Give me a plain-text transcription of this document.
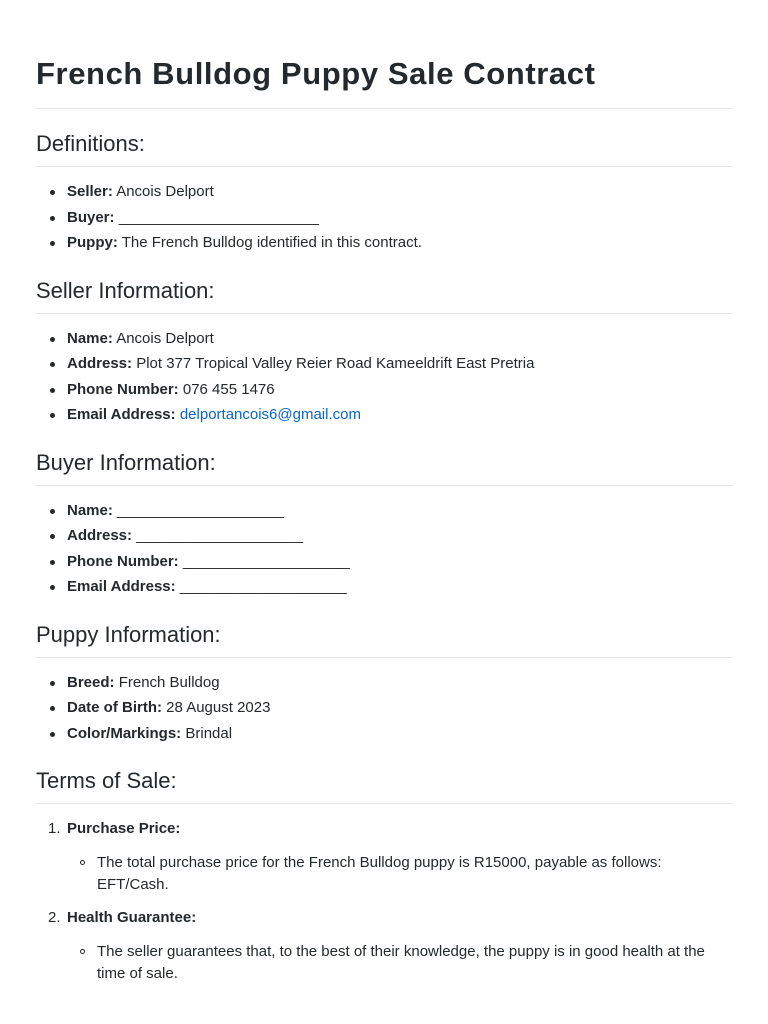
French Bulldog Puppy Sale Contract
Definitions:
Seller: Ancois Delport
Buyer: ________________________
Puppy: The French Bulldog identified in this contract.
Seller Information:
Name: Ancois Delport
Address: Plot 377 Tropical Valley Reier Road Kameeldrift East Pretria
Phone Number: 076 455 1476
Email Address: delportancois6@gmail.com
Buyer Information:
Name: ____________________
Address: ____________________
Phone Number: ____________________
Email Address: ____________________
Puppy Information:
Breed: French Bulldog
Date of Birth: 28 August 2023
Color/Markings: Brindal
Terms of Sale:
1. Purchase Price:
The total purchase price for the French Bulldog puppy is R15000, payable as follows: EFT/Cash.
2. Health Guarantee:
The seller guarantees that, to the best of their knowledge, the puppy is in good health at the time of sale.
